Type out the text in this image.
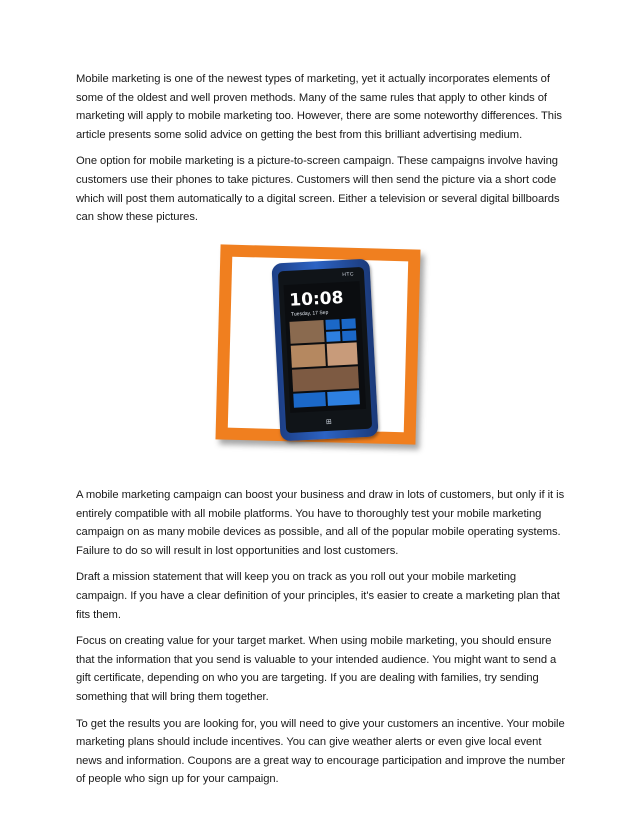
Mobile marketing is one of the newest types of marketing, yet it actually incorporates elements of some of the oldest and well proven methods. Many of the same rules that apply to other kinds of marketing will apply to mobile marketing too. However, there are some noteworthy differences. This article presents some solid advice on getting the best from this brilliant advertising medium.

One option for mobile marketing is a picture-to-screen campaign. These campaigns involve having customers use their phones to take pictures. Customers will then send the picture via a short code which will post them automatically to a digital screen. Either a television or several digital billboards can show these pictures.

HTC
10:08
Tuesday, 17 Sep
⊞

A mobile marketing campaign can boost your business and draw in lots of customers, but only if it is entirely compatible with all mobile platforms. You have to thoroughly test your mobile marketing campaign on as many mobile devices as possible, and all of the popular mobile operating systems. Failure to do so will result in lost opportunities and lost customers.

Draft a mission statement that will keep you on track as you roll out your mobile marketing campaign. If you have a clear definition of your principles, it's easier to create a marketing plan that fits them.

Focus on creating value for your target market. When using mobile marketing, you should ensure that the information that you send is valuable to your intended audience. You might want to send a gift certificate, depending on who you are targeting. If you are dealing with families, try sending something that will bring them together.

To get the results you are looking for, you will need to give your customers an incentive. Your mobile marketing plans should include incentives. You can give weather alerts or even give local event news and information. Coupons are a great way to encourage participation and improve the number of people who sign up for your campaign.
